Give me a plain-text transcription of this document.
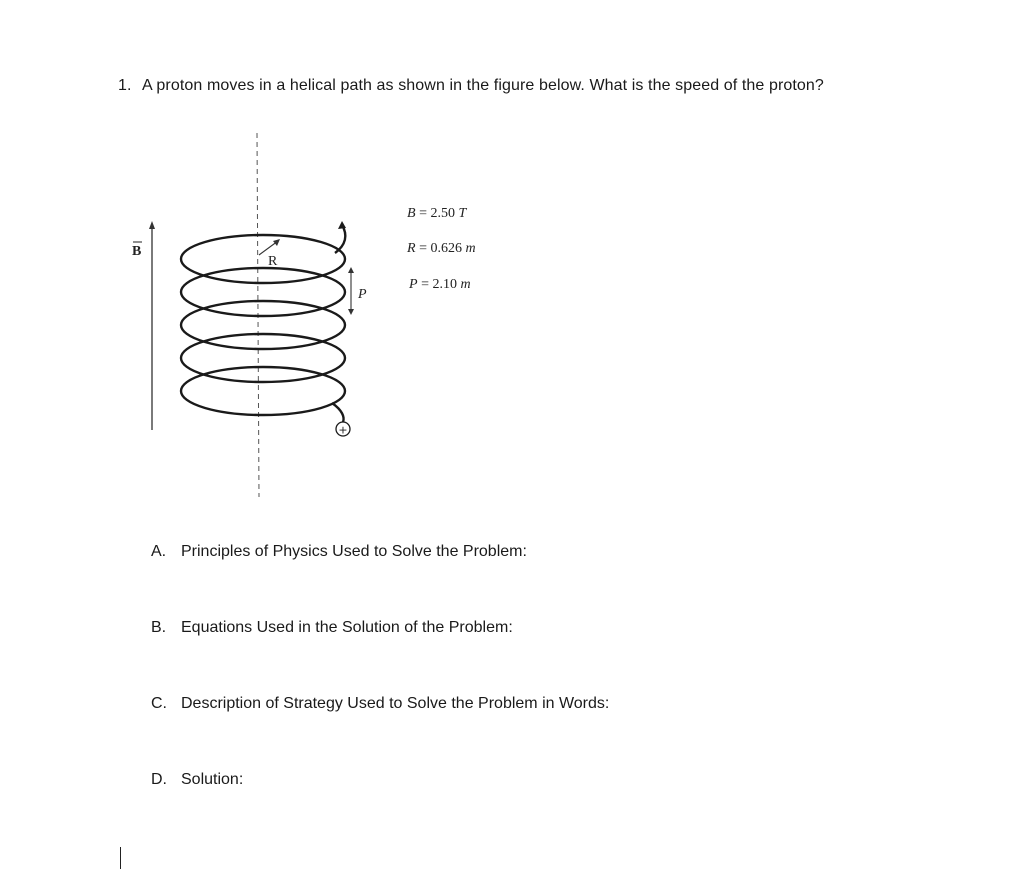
1. A proton moves in a helical path as shown in the figure below. What is the speed of the proton?
B
R
P
+
B = 2.50 T
R = 0.626 m
P = 2.10 m
A. Principles of Physics Used to Solve the Problem:
B. Equations Used in the Solution of the Problem:
C. Description of Strategy Used to Solve the Problem in Words:
D. Solution:
